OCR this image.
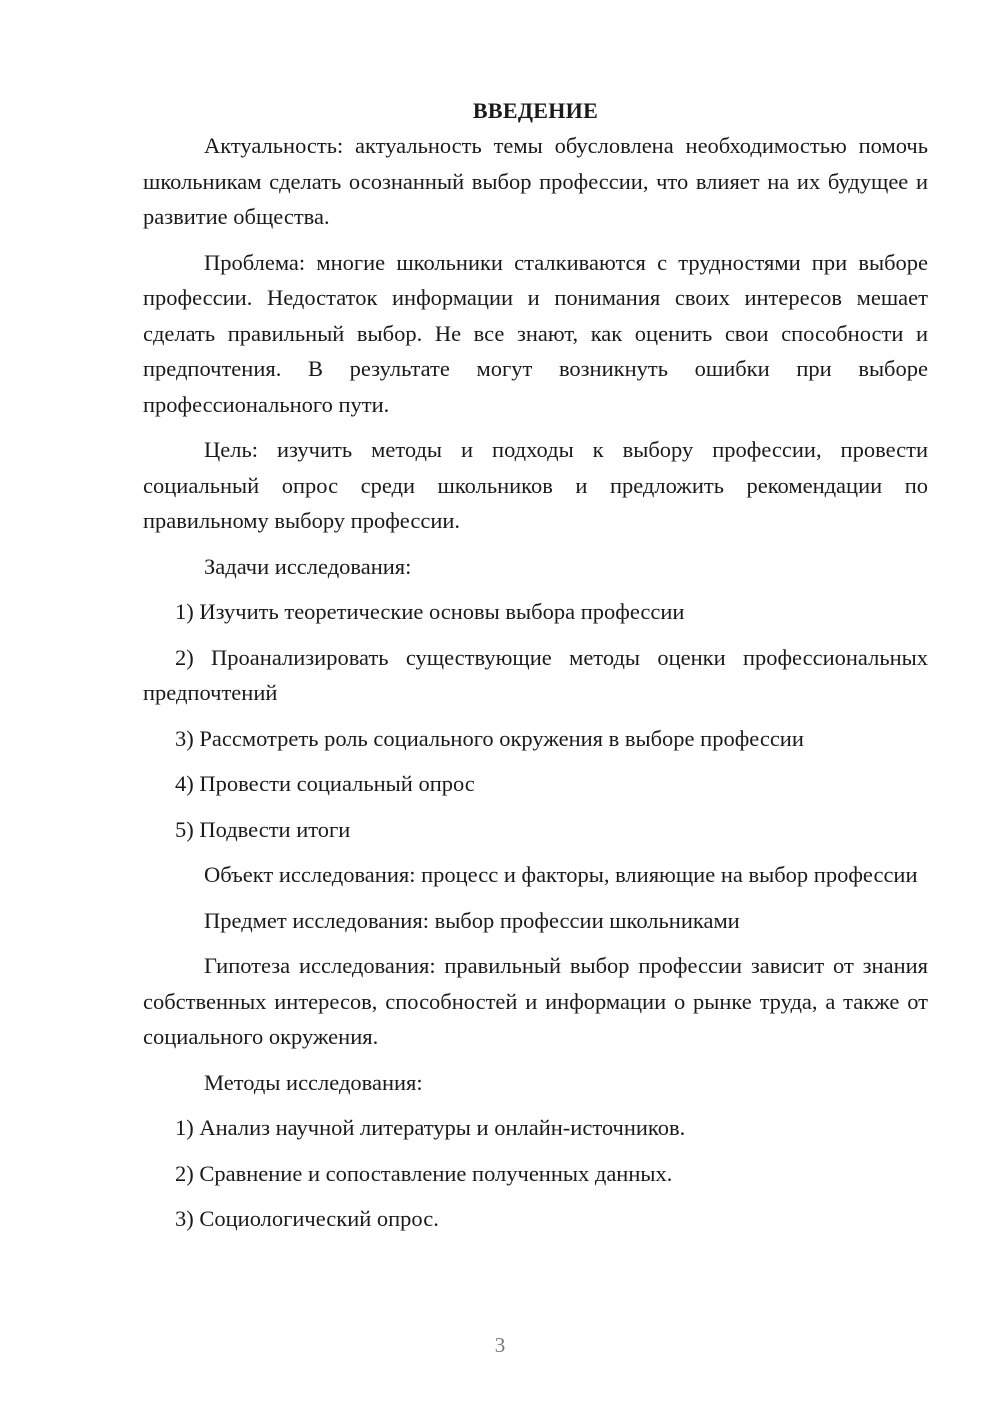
ВВЕДЕНИЕ

Актуальность: актуальность темы обусловлена необходимостью помочь школьникам сделать осознанный выбор профессии, что влияет на их будущее и развитие общества.

Проблема: многие школьники сталкиваются с трудностями при выборе профессии. Недостаток информации и понимания своих интересов мешает сделать правильный выбор. Не все знают, как оценить свои способности и предпочтения. В результате могут возникнуть ошибки при выборе профессионального пути.

Цель: изучить методы и подходы к выбору профессии, провести социальный опрос среди школьников и предложить рекомендации по правильному выбору профессии.

Задачи исследования:

1) Изучить теоретические основы выбора профессии

2) Проанализировать существующие методы оценки профессиональных предпочтений

3) Рассмотреть роль социального окружения в выборе профессии

4) Провести социальный опрос

5) Подвести итоги

Объект исследования: процесс и факторы, влияющие на выбор профессии

Предмет исследования: выбор профессии школьниками

Гипотеза исследования: правильный выбор профессии зависит от знания собственных интересов, способностей и информации о рынке труда, а также от социального окружения.

Методы исследования:

1) Анализ научной литературы и онлайн-источников.

2) Сравнение и сопоставление полученных данных.

3) Социологический опрос.

3
